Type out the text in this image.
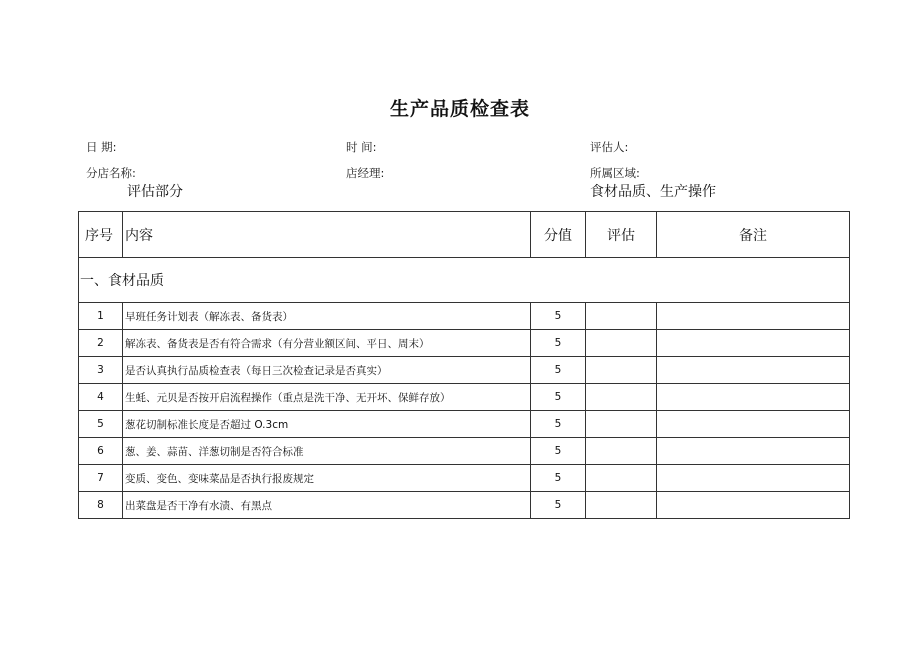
生产品质检查表
日 期:	时 间:	评估人:
分店名称:	店经理:	所属区域:
评估部分	食材品质、生产操作
序号	内容	分值	评估	备注
一、食材品质				
1	早班任务计划表（解冻表、备货表）	5		
2	解冻表、备货表是否有符合需求（有分营业额区间、平日、周末）	5		
3	是否认真执行品质检查表（每日三次检查记录是否真实）	5		
4	生蚝、元贝是否按开启流程操作（重点是洗干净、无开坏、保鲜存放）	5		
5	葱花切制标准长度是否超过 O.3cm	5		
6	葱、姜、蒜苗、洋葱切制是否符合标准	5		
7	变质、变色、变味菜品是否执行报废规定	5		
8	出菜盘是否干净有水渍、有黑点	5		
